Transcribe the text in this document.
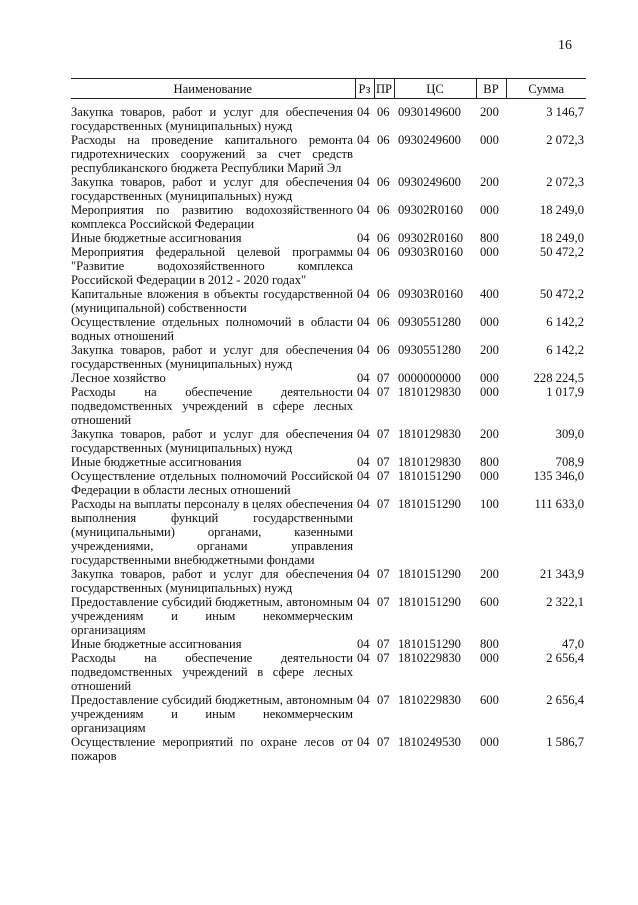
16
Наименование	Рз	ПР	ЦС	ВР	Сумма
Закупка товаров, работ и услуг для обеспечения государственных (муниципальных) нужд	04	06	0930149600	200	3 146,7
Расходы на проведение капитального ремонта гидротехнических сооружений за счет средств республиканского бюджета Республики Марий Эл	04	06	0930249600	000	2 072,3
Закупка товаров, работ и услуг для обеспечения государственных (муниципальных) нужд	04	06	0930249600	200	2 072,3
Мероприятия по развитию водохозяйственного комплекса Российской Федерации	04	06	09302R0160	000	18 249,0
Иные бюджетные ассигнования	04	06	09302R0160	800	18 249,0
Мероприятия федеральной целевой программы "Развитие водохозяйственного комплекса Российской Федерации в 2012 - 2020 годах"	04	06	09303R0160	000	50 472,2
Капитальные вложения в объекты государственной (муниципальной) собственности	04	06	09303R0160	400	50 472,2
Осуществление отдельных полномочий в области водных отношений	04	06	0930551280	000	6 142,2
Закупка товаров, работ и услуг для обеспечения государственных (муниципальных) нужд	04	06	0930551280	200	6 142,2
Лесное хозяйство	04	07	0000000000	000	228 224,5
Расходы на обеспечение деятельности подведомственных учреждений в сфере лесных отношений	04	07	1810129830	000	1 017,9
Закупка товаров, работ и услуг для обеспечения государственных (муниципальных) нужд	04	07	1810129830	200	309,0
Иные бюджетные ассигнования	04	07	1810129830	800	708,9
Осуществление отдельных полномочий Российской Федерации в области лесных отношений	04	07	1810151290	000	135 346,0
Расходы на выплаты персоналу в целях обеспечения выполнения функций государственными (муниципальными) органами, казенными учреждениями, органами управления государственными внебюджетными фондами	04	07	1810151290	100	111 633,0
Закупка товаров, работ и услуг для обеспечения государственных (муниципальных) нужд	04	07	1810151290	200	21 343,9
Предоставление субсидий бюджетным, автономным учреждениям и иным некоммерческим организациям	04	07	1810151290	600	2 322,1
Иные бюджетные ассигнования	04	07	1810151290	800	47,0
Расходы на обеспечение деятельности подведомственных учреждений в сфере лесных отношений	04	07	1810229830	000	2 656,4
Предоставление субсидий бюджетным, автономным учреждениям и иным некоммерческим организациям	04	07	1810229830	600	2 656,4
Осуществление мероприятий по охране лесов от пожаров	04	07	1810249530	000	1 586,7
